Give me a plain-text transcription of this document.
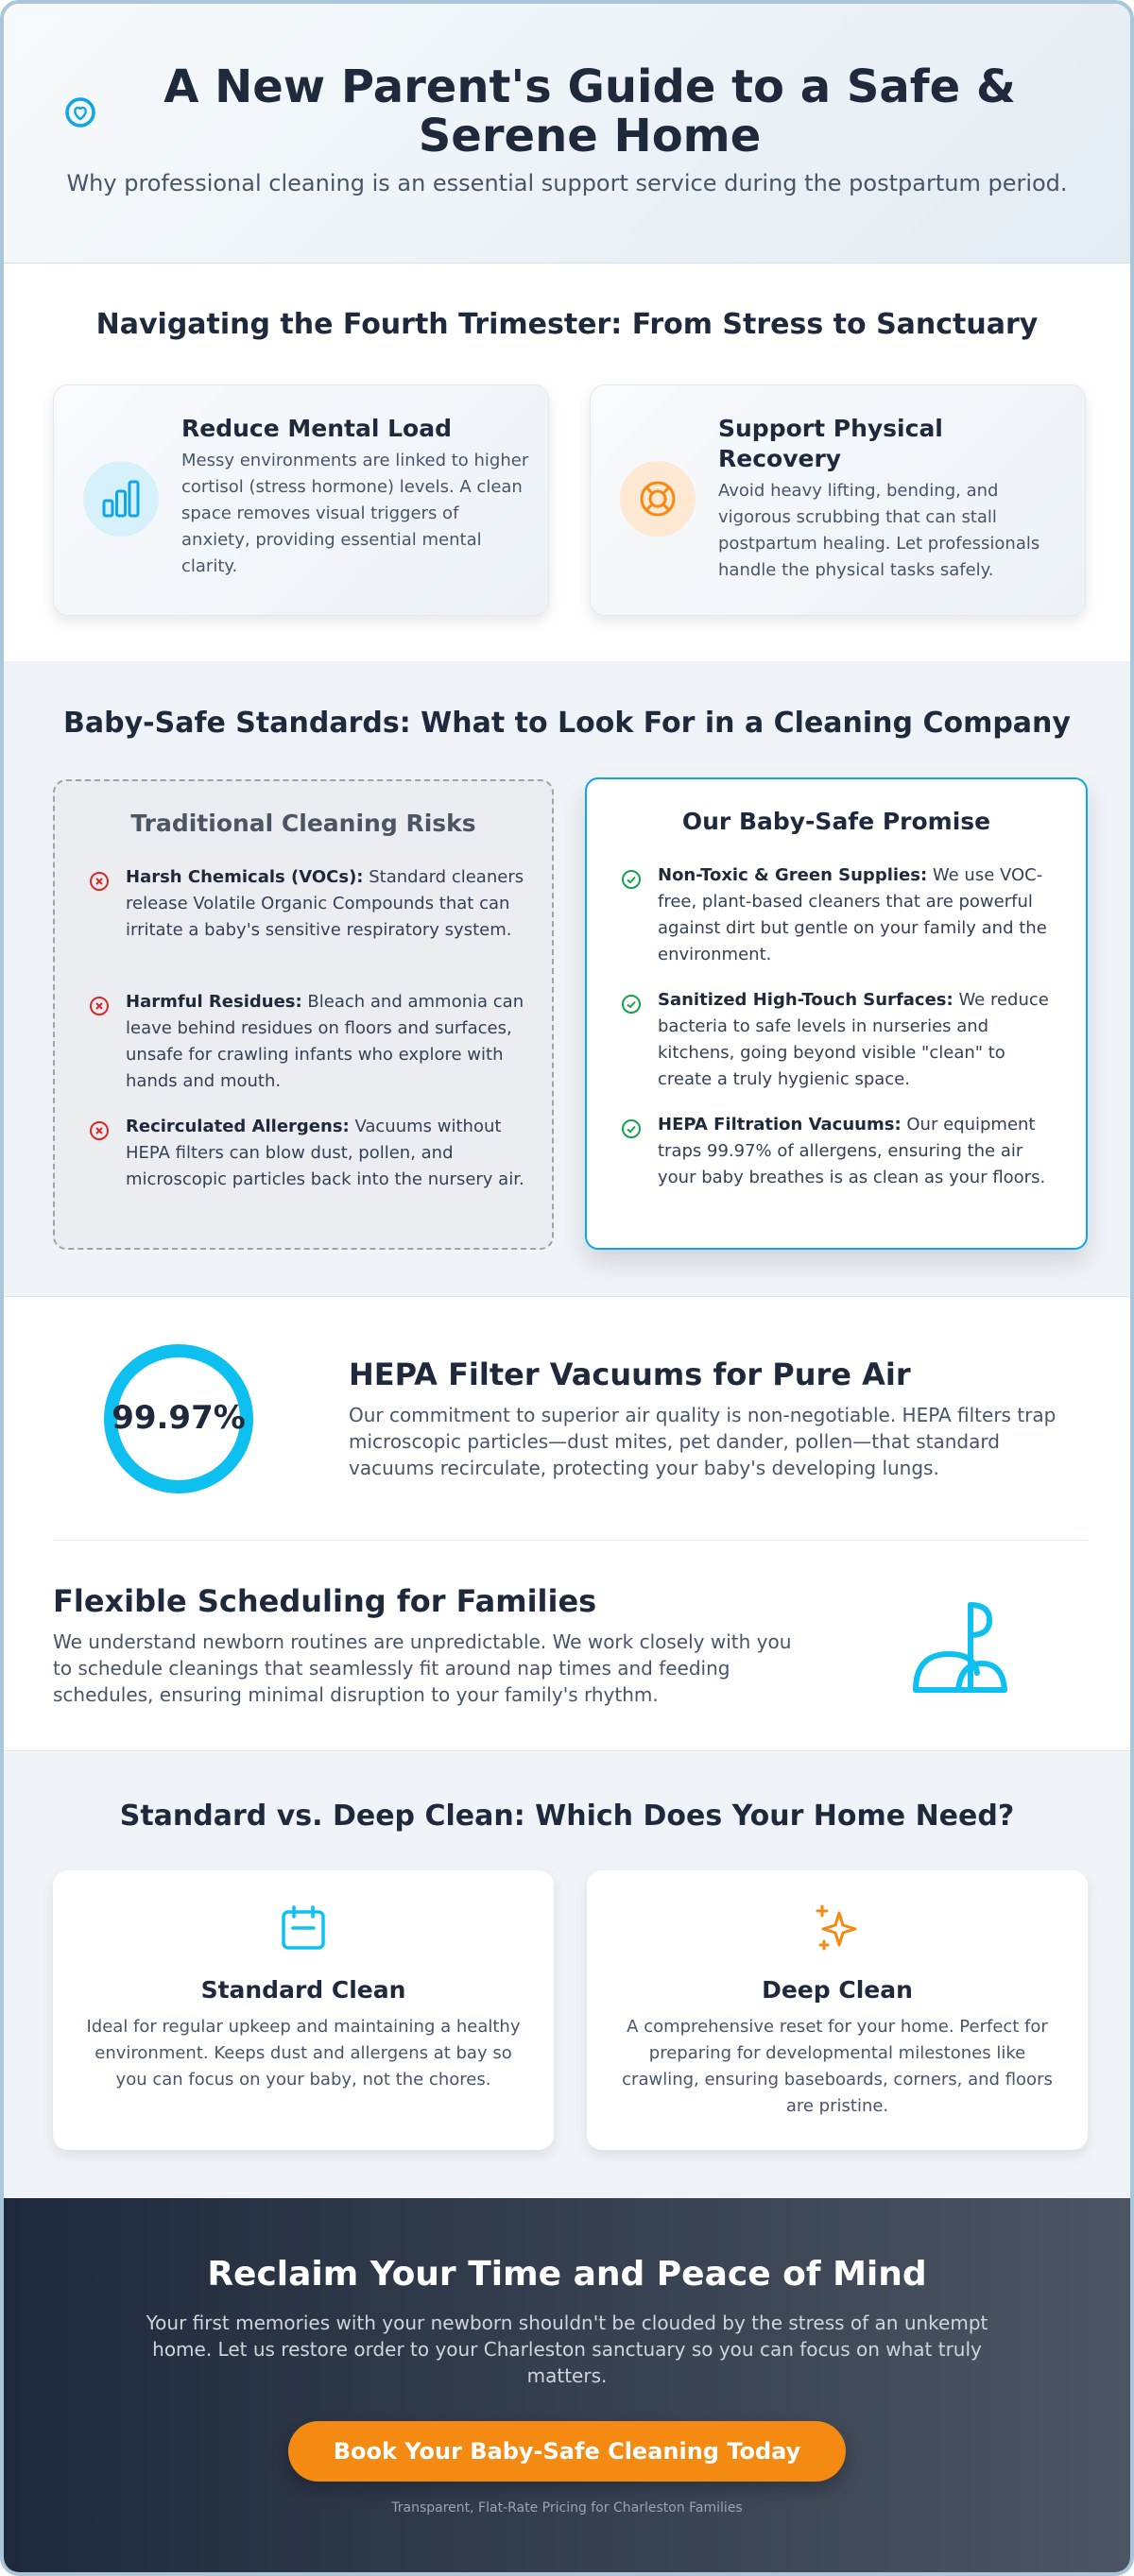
A New Parent's Guide to a Safe & Serene Home
Why professional cleaning is an essential support service during the postpartum period.
Navigating the Fourth Trimester: From Stress to Sanctuary
Reduce Mental Load
Messy environments are linked to higher cortisol (stress hormone) levels. A clean space removes visual triggers of anxiety, providing essential mental clarity.
Support Physical Recovery
Avoid heavy lifting, bending, and vigorous scrubbing that can stall postpartum healing. Let professionals handle the physical tasks safely.
Baby-Safe Standards: What to Look For in a Cleaning Company
Traditional Cleaning Risks
Harsh Chemicals (VOCs): Standard cleaners release Volatile Organic Compounds that can irritate a baby's sensitive respiratory system.
Harmful Residues: Bleach and ammonia can leave behind residues on floors and surfaces, unsafe for crawling infants who explore with hands and mouth.
Recirculated Allergens: Vacuums without HEPA filters can blow dust, pollen, and microscopic particles back into the nursery air.
Our Baby-Safe Promise
Non-Toxic & Green Supplies: We use VOC-free, plant-based cleaners that are powerful against dirt but gentle on your family and the environment.
Sanitized High-Touch Surfaces: We reduce bacteria to safe levels in nurseries and kitchens, going beyond visible "clean" to create a truly hygienic space.
HEPA Filtration Vacuums: Our equipment traps 99.97% of allergens, ensuring the air your baby breathes is as clean as your floors.
99.97%
HEPA Filter Vacuums for Pure Air
Our commitment to superior air quality is non-negotiable. HEPA filters trap microscopic particles—dust mites, pet dander, pollen—that standard vacuums recirculate, protecting your baby's developing lungs.
Flexible Scheduling for Families
We understand newborn routines are unpredictable. We work closely with you to schedule cleanings that seamlessly fit around nap times and feeding schedules, ensuring minimal disruption to your family's rhythm.
Standard vs. Deep Clean: Which Does Your Home Need?
Standard Clean
Ideal for regular upkeep and maintaining a healthy environment. Keeps dust and allergens at bay so you can focus on your baby, not the chores.
Deep Clean
A comprehensive reset for your home. Perfect for preparing for developmental milestones like crawling, ensuring baseboards, corners, and floors are pristine.
Reclaim Your Time and Peace of Mind
Your first memories with your newborn shouldn't be clouded by the stress of an unkempt home. Let us restore order to your Charleston sanctuary so you can focus on what truly matters.
Book Your Baby-Safe Cleaning Today
Transparent, Flat-Rate Pricing for Charleston Families
